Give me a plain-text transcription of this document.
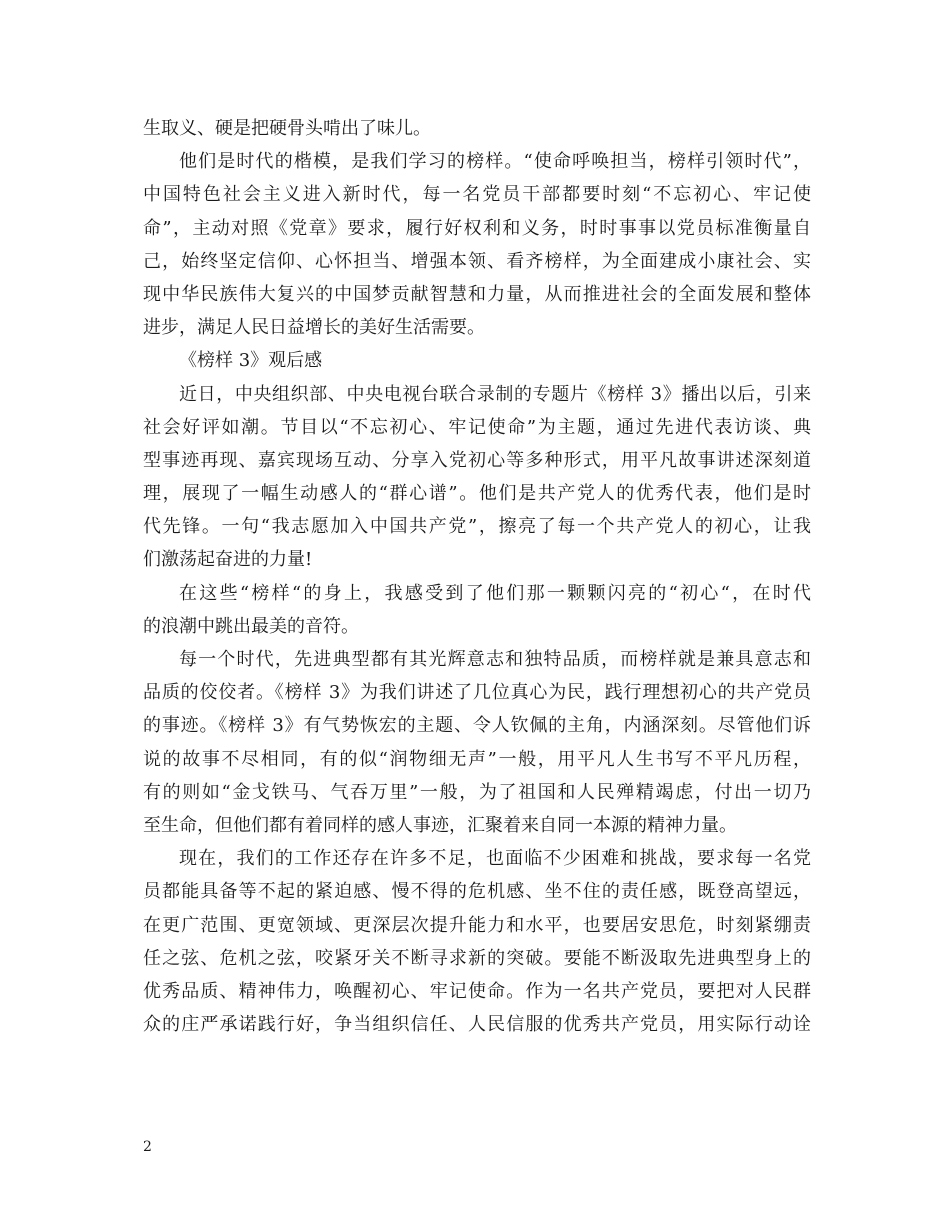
生取义、硬是把硬骨头啃出了味儿。

他们是时代的楷模，是我们学习的榜样。“使命呼唤担当，榜样引领时代”，

中国特色社会主义进入新时代，每一名党员干部都要时刻“不忘初心、牢记使

命”，主动对照《党章》要求，履行好权利和义务，时时事事以党员标准衡量自

己，始终坚定信仰、心怀担当、增强本领、看齐榜样，为全面建成小康社会、实

现中华民族伟大复兴的中国梦贡献智慧和力量，从而推进社会的全面发展和整体

进步，满足人民日益增长的美好生活需要。

《榜样 3》观后感

近日，中央组织部、中央电视台联合录制的专题片《榜样 3》播出以后，引来

社会好评如潮。节目以“不忘初心、牢记使命”为主题，通过先进代表访谈、典

型事迹再现、嘉宾现场互动、分享入党初心等多种形式，用平凡故事讲述深刻道

理，展现了一幅生动感人的“群心谱”。他们是共产党人的优秀代表，他们是时

代先锋。一句“我志愿加入中国共产党”，擦亮了每一个共产党人的初心，让我

们激荡起奋进的力量!

在这些“榜样“的身上，我感受到了他们那一颗颗闪亮的“初心“，在时代

的浪潮中跳出最美的音符。

每一个时代，先进典型都有其光辉意志和独特品质，而榜样就是兼具意志和

品质的佼佼者。《榜样 3》为我们讲述了几位真心为民，践行理想初心的共产党员

的事迹。《榜样 3》有气势恢宏的主题、令人钦佩的主角，内涵深刻。尽管他们诉

说的故事不尽相同，有的似“润物细无声”一般，用平凡人生书写不平凡历程，

有的则如“金戈铁马、气吞万里”一般，为了祖国和人民殚精竭虑，付出一切乃

至生命，但他们都有着同样的感人事迹，汇聚着来自同一本源的精神力量。

现在，我们的工作还存在许多不足，也面临不少困难和挑战，要求每一名党

员都能具备等不起的紧迫感、慢不得的危机感、坐不住的责任感，既登高望远，

在更广范围、更宽领域、更深层次提升能力和水平，也要居安思危，时刻紧绷责

任之弦、危机之弦，咬紧牙关不断寻求新的突破。要能不断汲取先进典型身上的

优秀品质、精神伟力，唤醒初心、牢记使命。作为一名共产党员，要把对人民群

众的庄严承诺践行好，争当组织信任、人民信服的优秀共产党员，用实际行动诠

2
